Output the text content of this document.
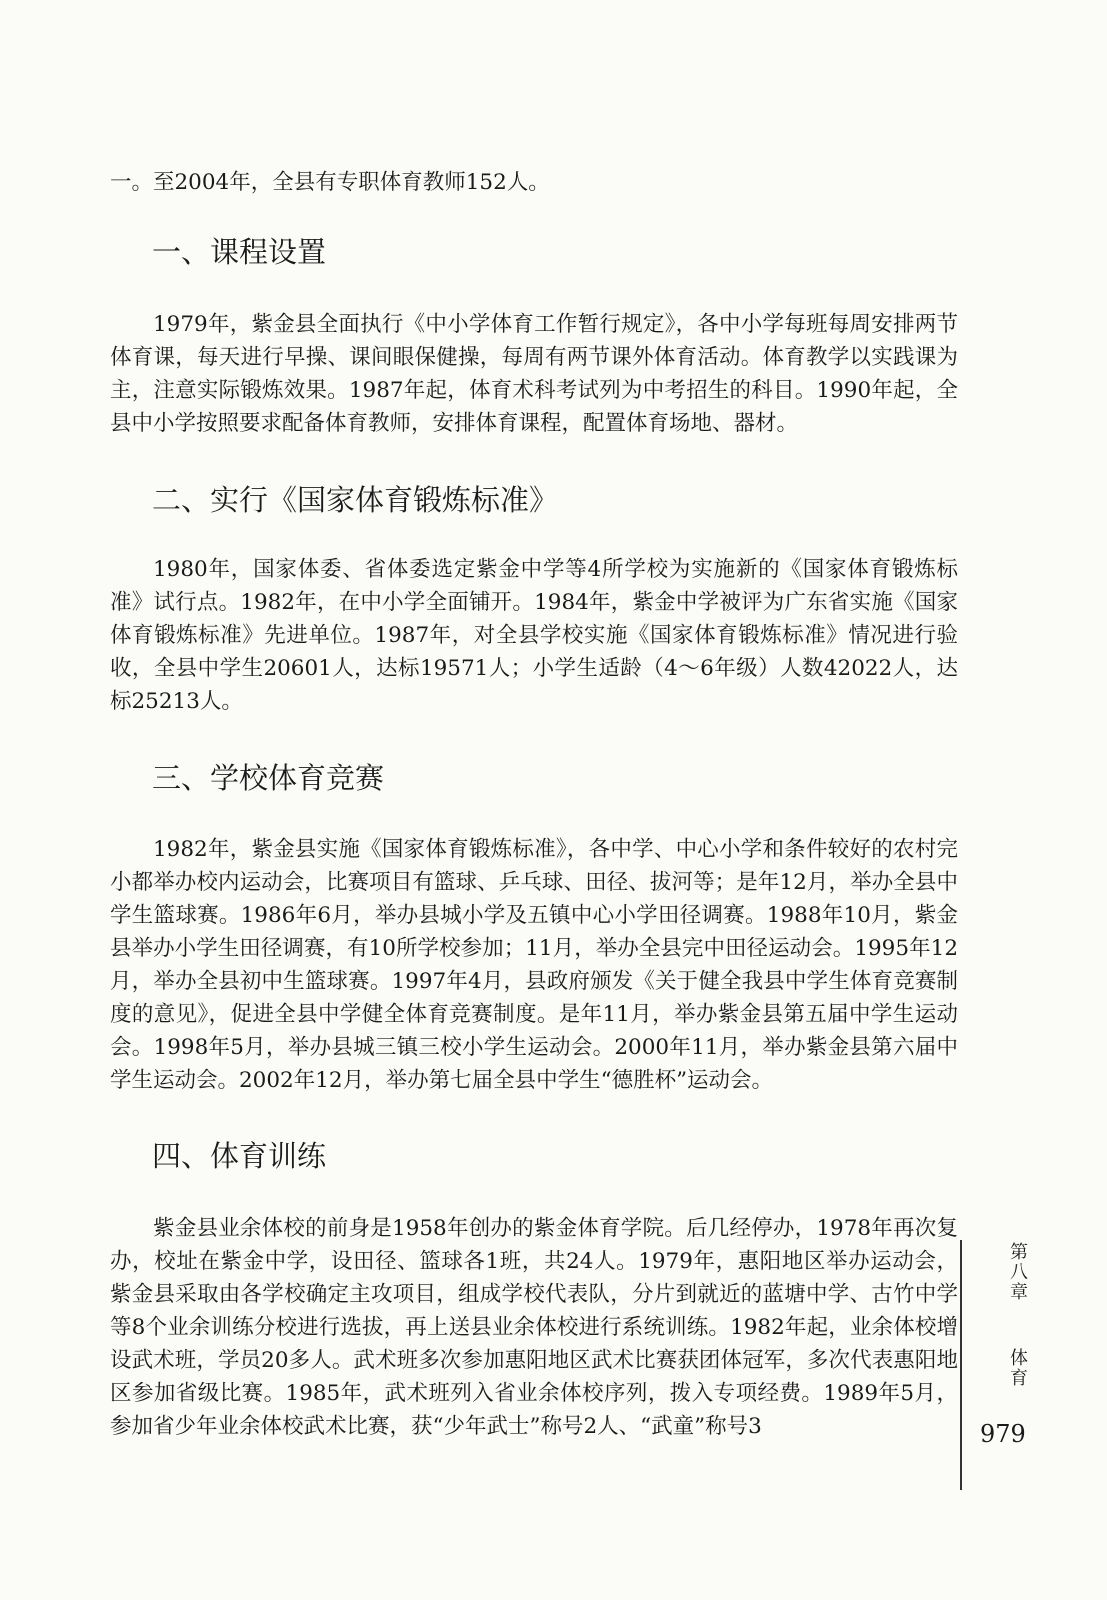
一。至2004年，全县有专职体育教师152人。

一、课程设置

1979年，紫金县全面执行《中小学体育工作暂行规定》，各中小学每班每周安排两节体育课，每天进行早操、课间眼保健操，每周有两节课外体育活动。体育教学以实践课为主，注意实际锻炼效果。1987年起，体育术科考试列为中考招生的科目。1990年起，全县中小学按照要求配备体育教师，安排体育课程，配置体育场地、器材。

二、实行《国家体育锻炼标准》

1980年，国家体委、省体委选定紫金中学等4所学校为实施新的《国家体育锻炼标准》试行点。1982年，在中小学全面铺开。1984年，紫金中学被评为广东省实施《国家体育锻炼标准》先进单位。1987年，对全县学校实施《国家体育锻炼标准》情况进行验收，全县中学生20601人，达标19571人；小学生适龄（4～6年级）人数42022人，达标25213人。

三、学校体育竞赛

1982年，紫金县实施《国家体育锻炼标准》，各中学、中心小学和条件较好的农村完小都举办校内运动会，比赛项目有篮球、乒乓球、田径、拔河等；是年12月，举办全县中学生篮球赛。1986年6月，举办县城小学及五镇中心小学田径调赛。1988年10月，紫金县举办小学生田径调赛，有10所学校参加；11月，举办全县完中田径运动会。1995年12月，举办全县初中生篮球赛。1997年4月，县政府颁发《关于健全我县中学生体育竞赛制度的意见》，促进全县中学健全体育竞赛制度。是年11月，举办紫金县第五届中学生运动会。1998年5月，举办县城三镇三校小学生运动会。2000年11月，举办紫金县第六届中学生运动会。2002年12月，举办第七届全县中学生“德胜杯”运动会。

四、体育训练

紫金县业余体校的前身是1958年创办的紫金体育学院。后几经停办，1978年再次复办，校址在紫金中学，设田径、篮球各1班，共24人。1979年，惠阳地区举办运动会，紫金县采取由各学校确定主攻项目，组成学校代表队，分片到就近的蓝塘中学、古竹中学等8个业余训练分校进行选拔，再上送县业余体校进行系统训练。1982年起，业余体校增设武术班，学员20多人。武术班多次参加惠阳地区武术比赛获团体冠军，多次代表惠阳地区参加省级比赛。1985年，武术班列入省业余体校序列，拨入专项经费。1989年5月，参加省少年业余体校武术比赛，获“少年武士”称号2人、“武童”称号3

第八章
体育
979
